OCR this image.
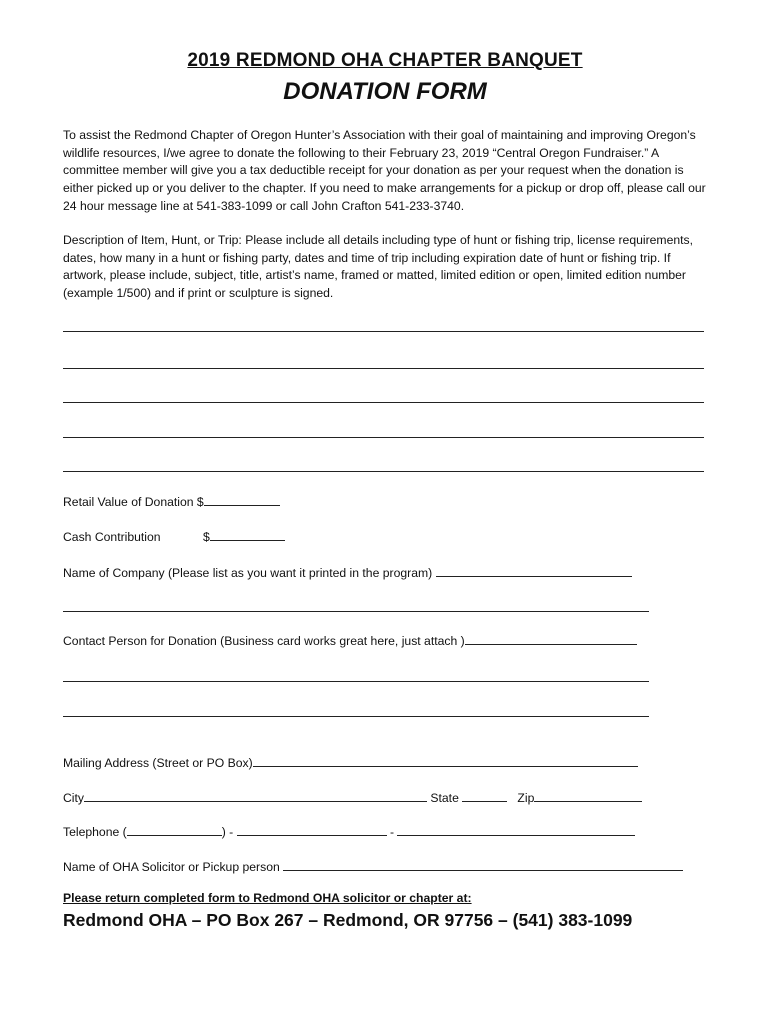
2019 REDMOND OHA CHAPTER BANQUET
DONATION FORM
To assist the Redmond Chapter of Oregon Hunter’s Association with their goal of maintaining and improving Oregon’s wildlife resources, I/we agree to donate the following to their February 23, 2019 “Central Oregon Fundraiser.” A committee member will give you a tax deductible receipt for your donation as per your request when the donation is either picked up or you deliver to the chapter. If you need to make arrangements for a pickup or drop off, please call our 24 hour message line at 541-383-1099 or call John Crafton 541-233-3740.
Description of Item, Hunt, or Trip: Please include all details including type of hunt or fishing trip, license requirements, dates, how many in a hunt or fishing party, dates and time of trip including expiration date of hunt or fishing trip. If artwork, please include, subject, title, artist’s name, framed or matted, limited edition or open, limited edition number (example 1/500) and if print or sculpture is signed.
Retail Value of Donation $
Cash Contribution	$
Name of Company (Please list as you want it printed in the program)
Contact Person for Donation (Business card works great here, just attach )
Mailing Address (Street or PO Box)
City	State	Zip
Telephone (	) -	-
Name of OHA Solicitor or Pickup person
Please return completed form to Redmond OHA solicitor or chapter at:
Redmond OHA – PO Box 267 – Redmond, OR 97756 – (541) 383-1099
